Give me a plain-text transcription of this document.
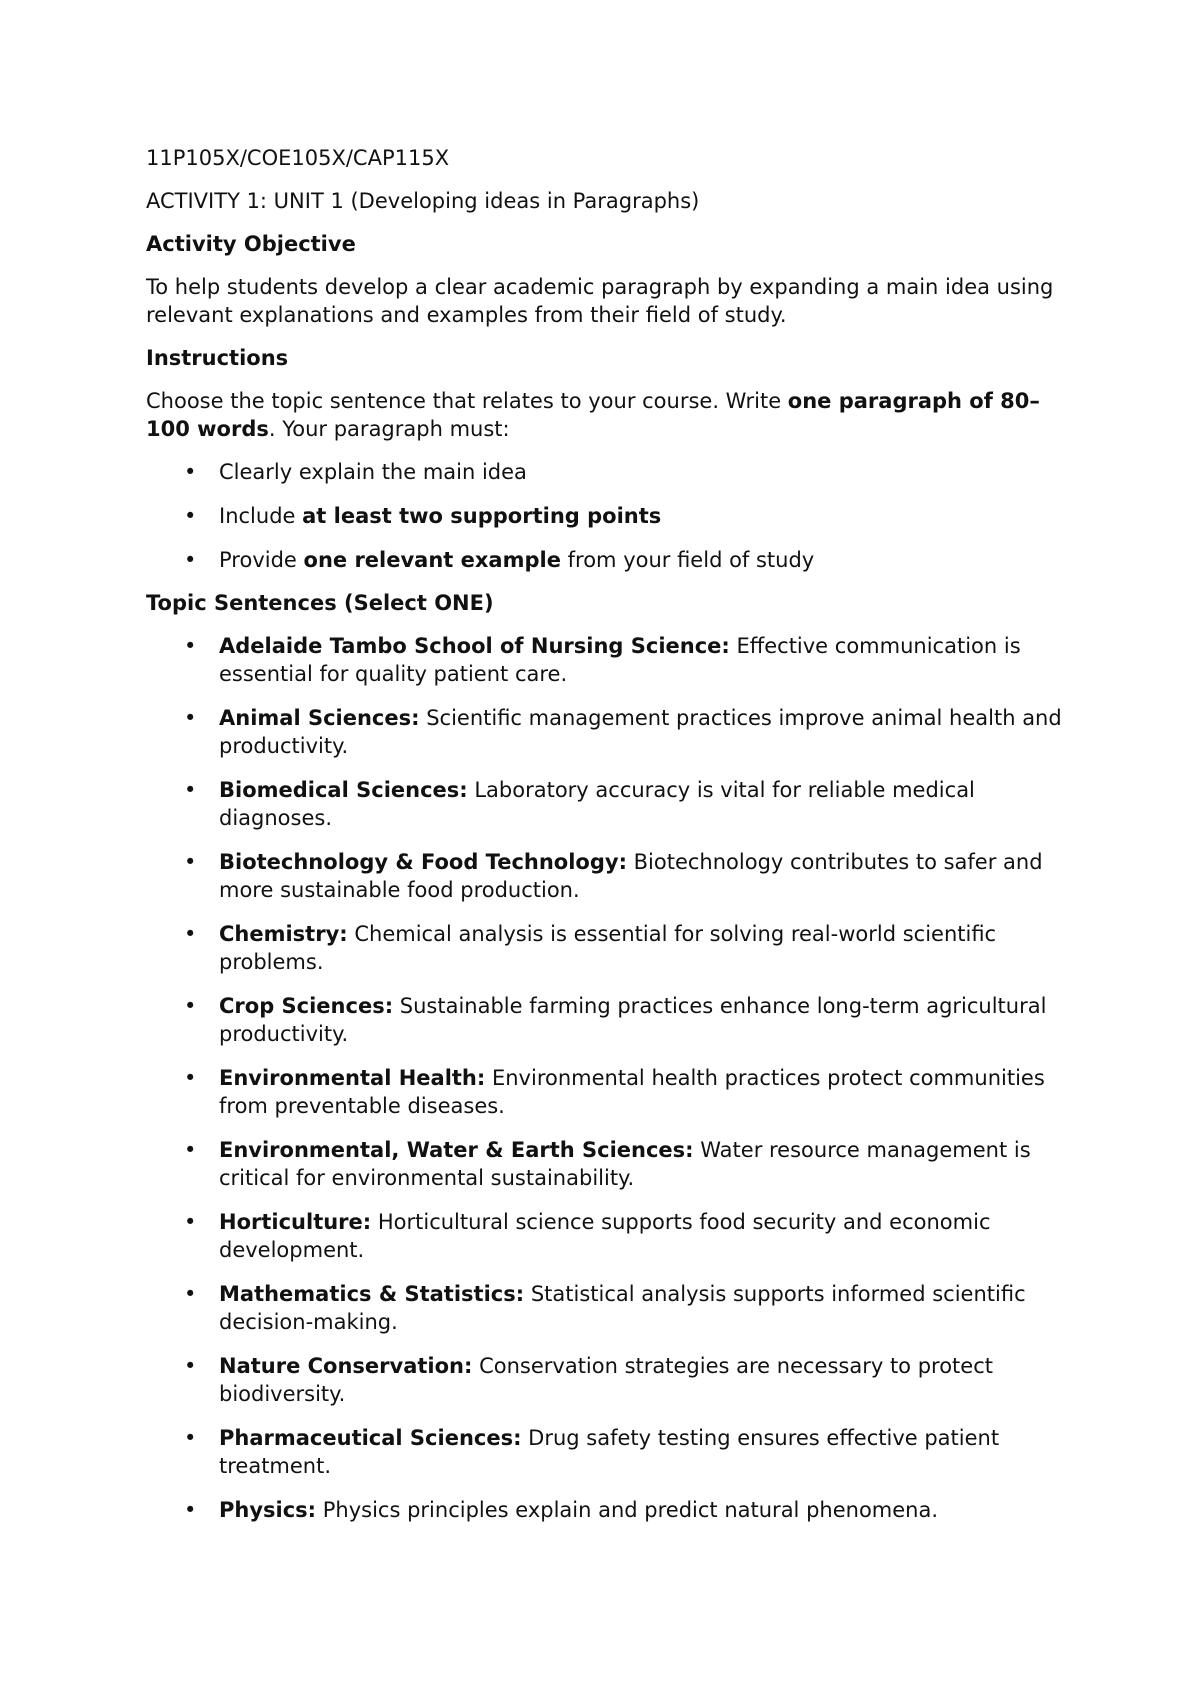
11P105X/COE105X/CAP115X

ACTIVITY 1: UNIT 1 (Developing ideas in Paragraphs)

Activity Objective

To help students develop a clear academic paragraph by expanding a main idea using relevant explanations and examples from their field of study.

Instructions

Choose the topic sentence that relates to your course. Write one paragraph of 80–100 words. Your paragraph must:

• Clearly explain the main idea
• Include at least two supporting points
• Provide one relevant example from your field of study

Topic Sentences (Select ONE)

• Adelaide Tambo School of Nursing Science: Effective communication is essential for quality patient care.
• Animal Sciences: Scientific management practices improve animal health and productivity.
• Biomedical Sciences: Laboratory accuracy is vital for reliable medical diagnoses.
• Biotechnology & Food Technology: Biotechnology contributes to safer and more sustainable food production.
• Chemistry: Chemical analysis is essential for solving real-world scientific problems.
• Crop Sciences: Sustainable farming practices enhance long-term agricultural productivity.
• Environmental Health: Environmental health practices protect communities from preventable diseases.
• Environmental, Water & Earth Sciences: Water resource management is critical for environmental sustainability.
• Horticulture: Horticultural science supports food security and economic development.
• Mathematics & Statistics: Statistical analysis supports informed scientific decision-making.
• Nature Conservation: Conservation strategies are necessary to protect biodiversity.
• Pharmaceutical Sciences: Drug safety testing ensures effective patient treatment.
• Physics: Physics principles explain and predict natural phenomena.
